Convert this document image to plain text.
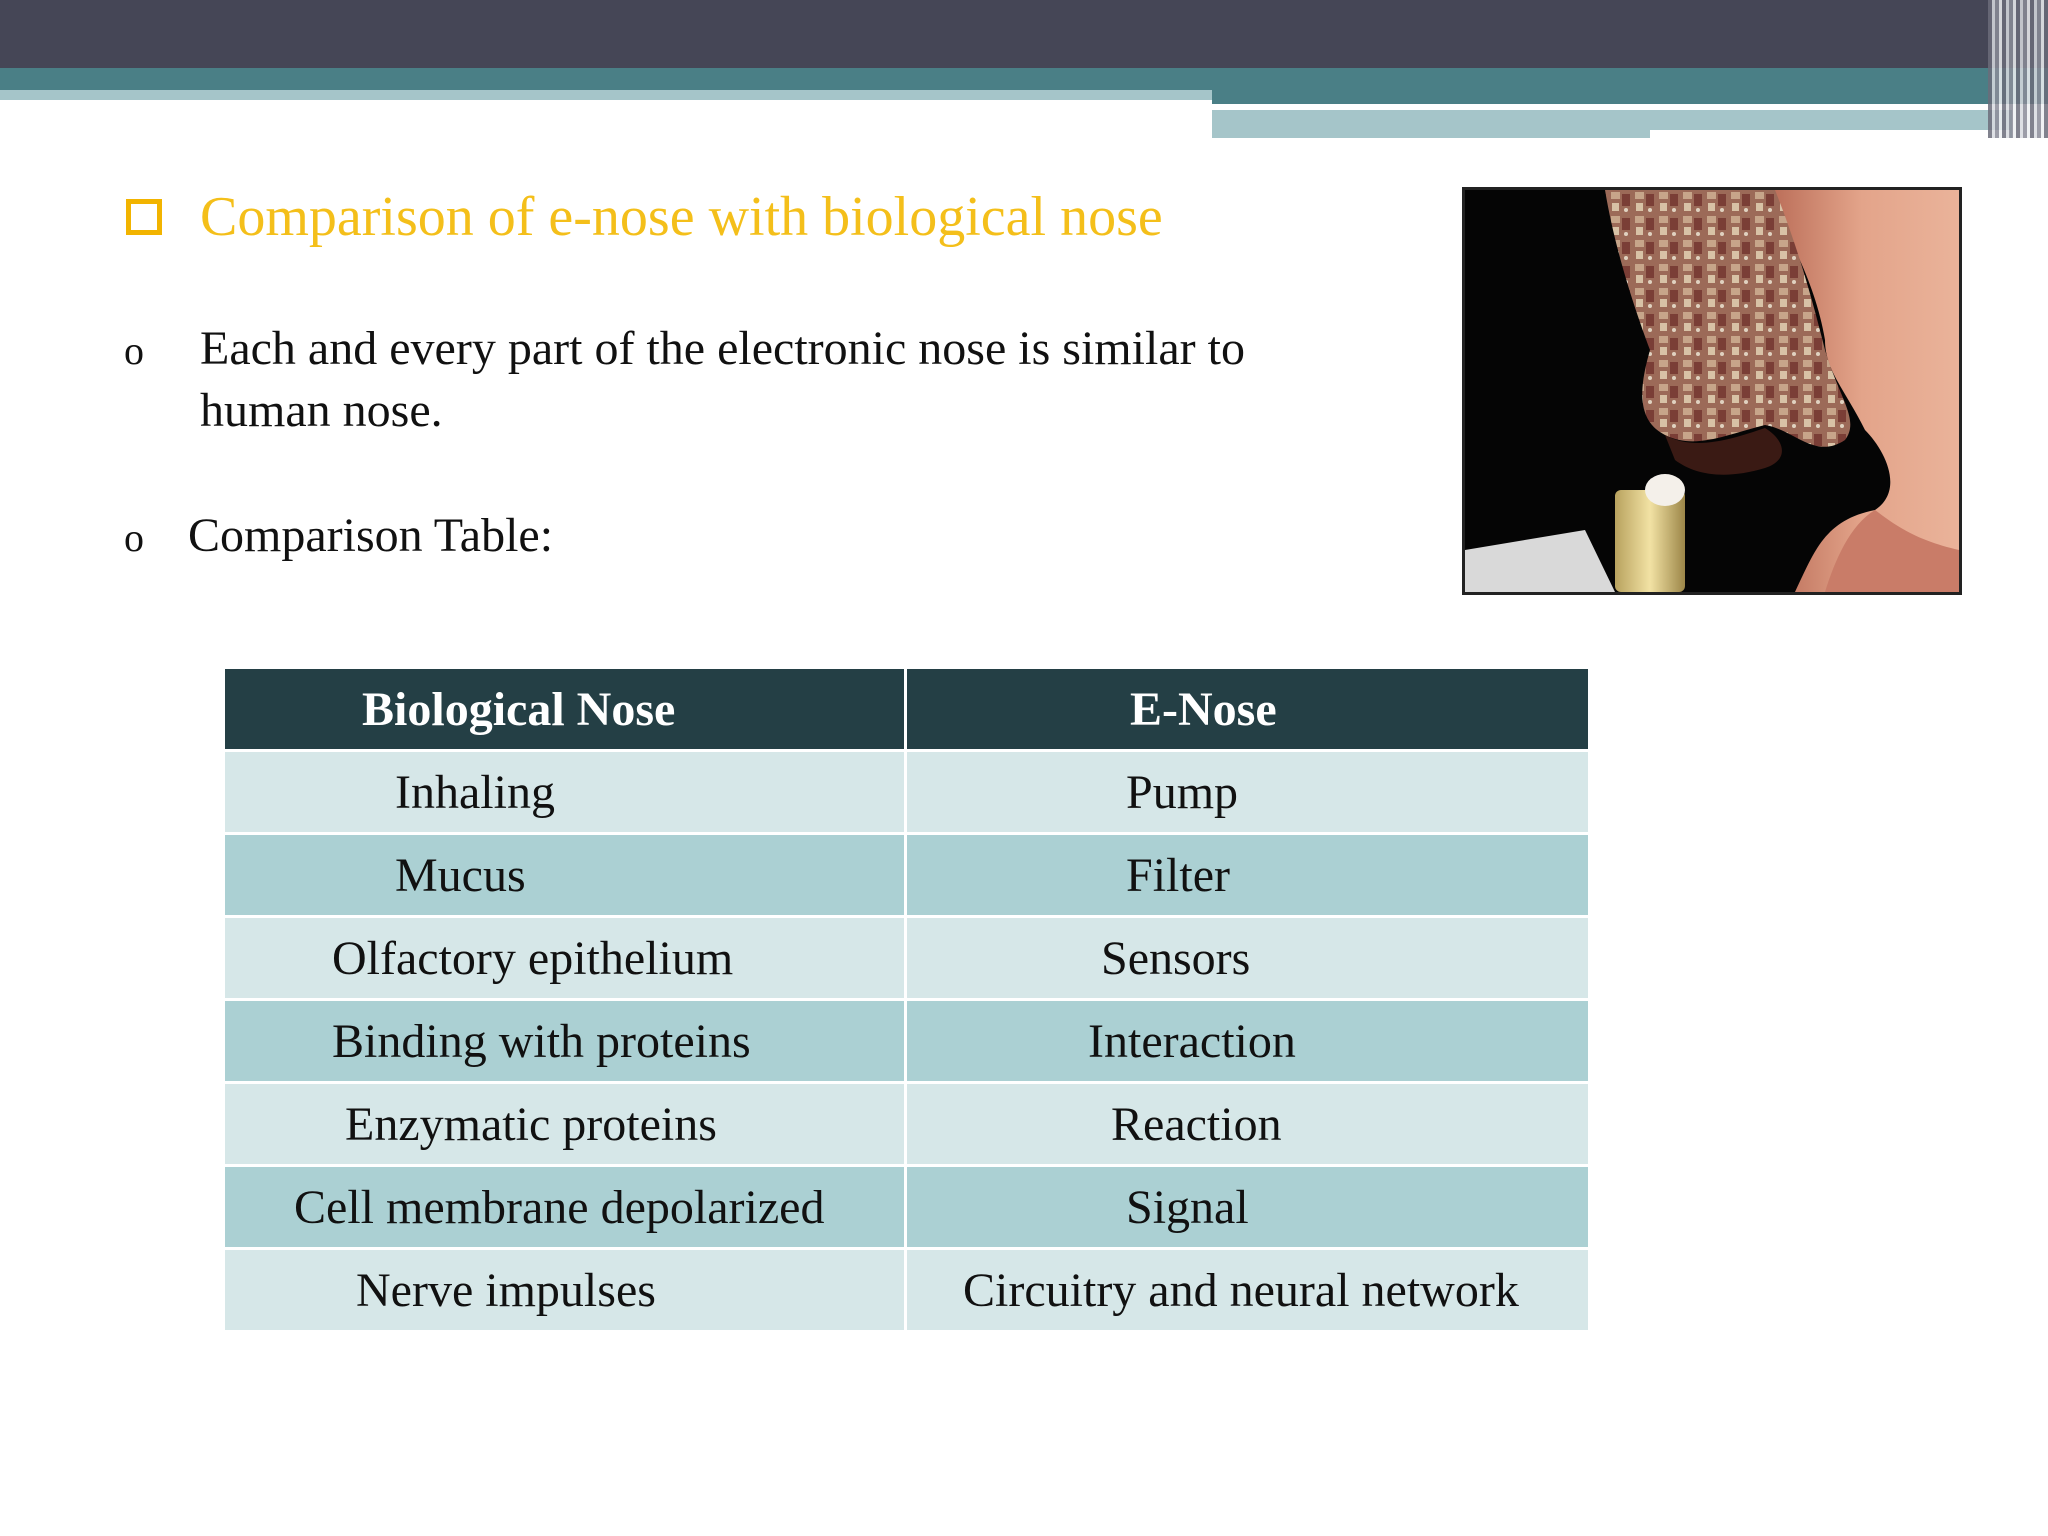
Comparison of e-nose with biological nose
o	Each and every part of the electronic nose is similar to
human nose.
o Comparison Table:
Biological Nose	E-Nose
Inhaling	Pump
Mucus	Filter
Olfactory epithelium	Sensors
Binding with proteins	Interaction
Enzymatic proteins	Reaction
Cell membrane depolarized	Signal
Nerve impulses	Circuitry and neural network
